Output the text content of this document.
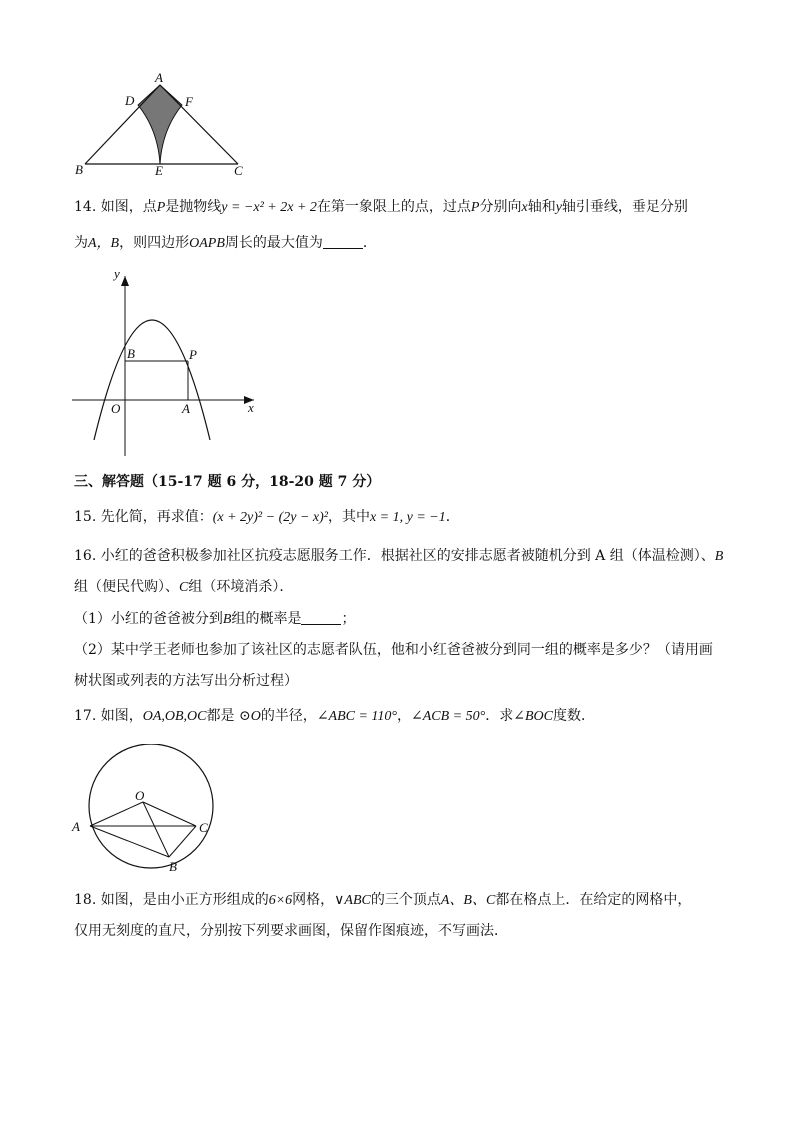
A
D	F
B	E	C
14. 如图，点P是抛物线y = −x² + 2x + 2在第一象限上的点，过点P分别向x轴和y轴引垂线，垂足分别
为A，B，则四边形OAPB周长的最大值为	．
y
x
O	A
B	P
三、解答题（15-17 题 6 分，18-20 题 7 分）
15. 先化简，再求值：(x + 2y)² − (2y − x)²，其中x = 1, y = −1．
16. 小红的爸爸积极参加社区抗疫志愿服务工作．根据社区的安排志愿者被随机分到 A 组（体温检测）、B
组（便民代购）、C组（环境消杀）．
（1）小红的爸爸被分到B组的概率是	；
（2）某中学王老师也参加了该社区的志愿者队伍，他和小红爸爸被分到同一组的概率是多少？（请用画
树状图或列表的方法写出分析过程）
17. 如图，OA,OB,OC都是 ⊙O的半径，∠ABC = 110°，∠ACB = 50°．求∠BOC度数．
O
A	C
B
18. 如图，是由小正方形组成的6×6网格，∨ABC的三个顶点A、B、C都在格点上．在给定的网格中，
仅用无刻度的直尺，分别按下列要求画图，保留作图痕迹，不写画法．
